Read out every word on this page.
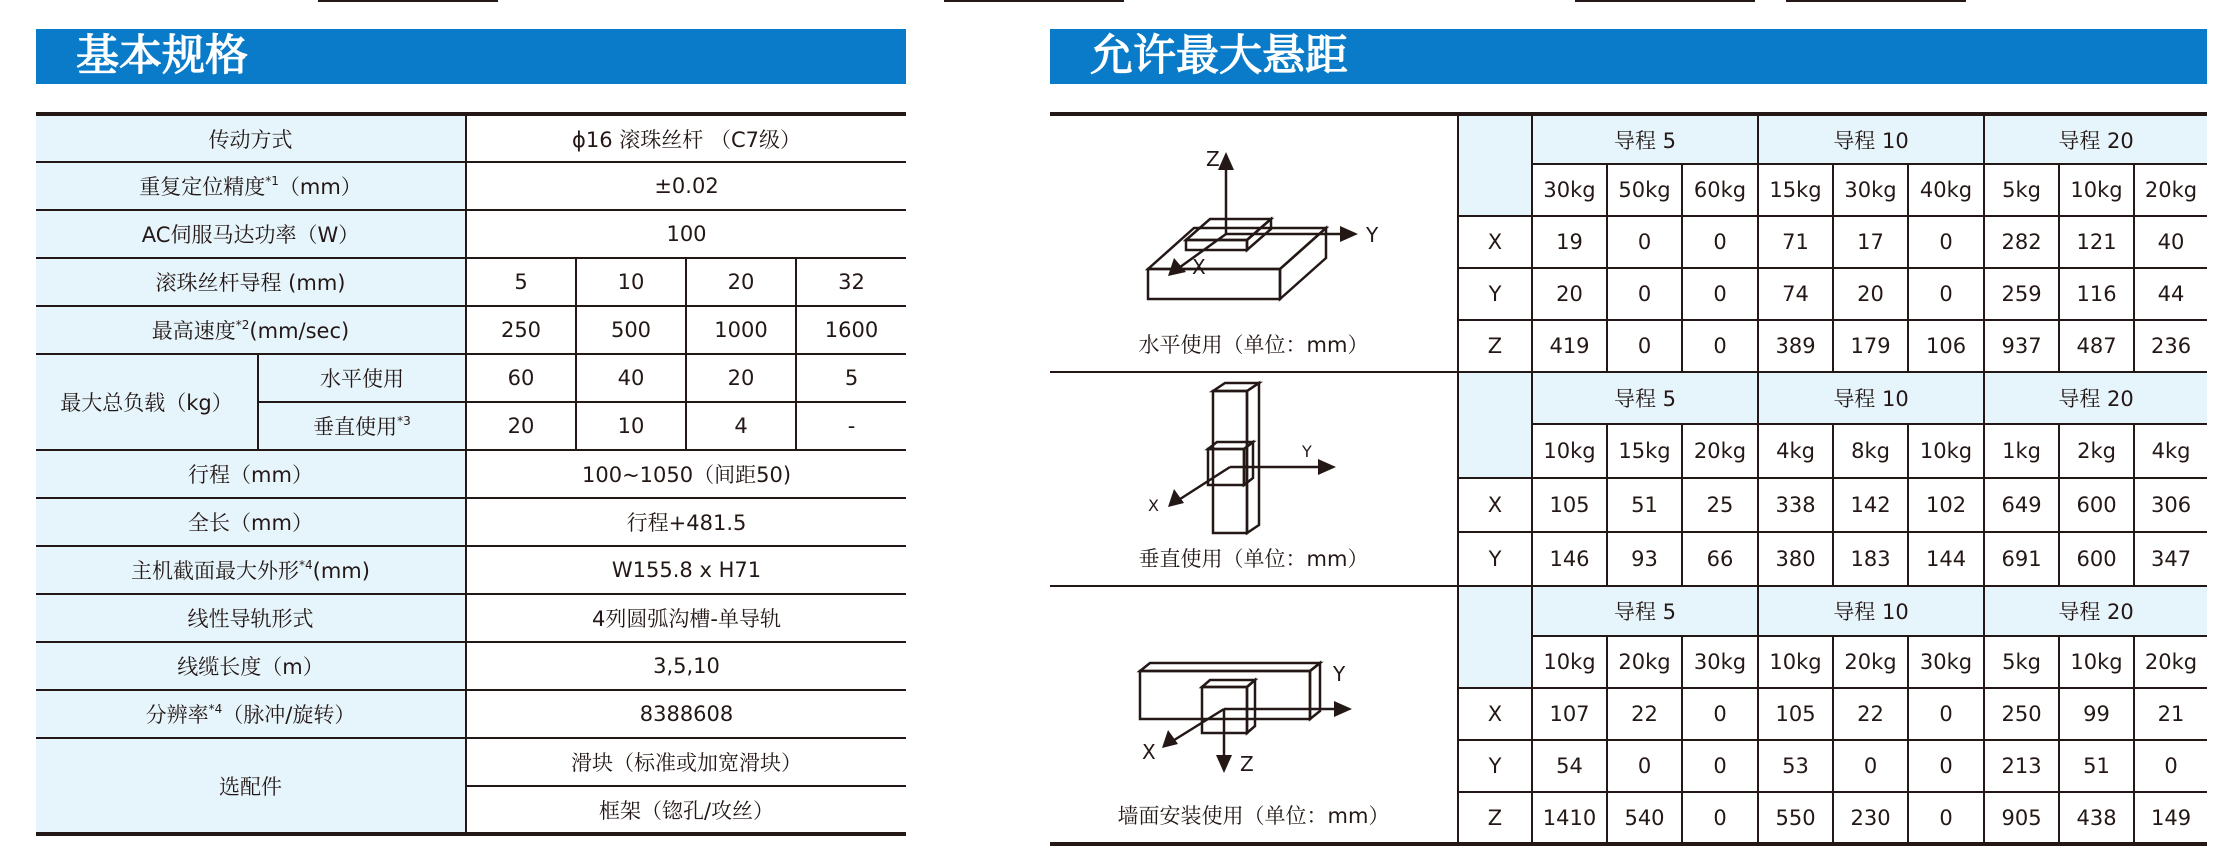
基本规格
传动方式		ϕ16 滚珠丝杆 （C7级）			
重复定位精度$^{*1}$（mm）		±0.02			
AC伺服马达功率（W）		100			
滚珠丝杆导程 (mm)		5	10	20	32
最高速度$^{*2}$(mm/sec)		250	500	1000	1600
最大总负载（kg）	水平使用	60	40	20	5
	垂直使用$^{*3}$	20	10	4	-
行程（mm）		100~1050（间距50)			
全长（mm）		行程+481.5			
主机截面最大外形$^{*4}$(mm)		W155.8 x H71			
线性导轨形式		4列圆弧沟槽-单导轨			
线缆长度（m）		3,5,10			
分辨率$^{*4}$（脉冲/旋转）		8388608			
选配件		滑块（标准或加宽滑块）			
		框架（锪孔/攻丝）			
允许最大悬距
Z
Y
X
水平使用（单位：mm）		导程 5			导程 10			导程 20		
		30kg	50kg	60kg	15kg	30kg	40kg	5kg	10kg	20kg
	X	19	0	0	71	17	0	282	121	40
	Y	20	0	0	74	20	0	259	116	44
	Z	419	0	0	389	179	106	937	487	236

Y
X
垂直使用（单位：mm）		导程 5			导程 10			导程 20		
		10kg	15kg	20kg	4kg	8kg	10kg	1kg	2kg	4kg
	X	105	51	25	338	142	102	649	600	306
	Y	146	93	66	380	183	144	691	600	347

Y
X Z
墙面安装使用（单位：mm）		导程 5			导程 10			导程 20		
		10kg	20kg	30kg	10kg	20kg	30kg	5kg	10kg	20kg
	X	107	22	0	105	22	0	250	99	21
	Y	54	0	0	53	0	0	213	51	0
	Z	1410	540	0	550	230	0	905	438	149
